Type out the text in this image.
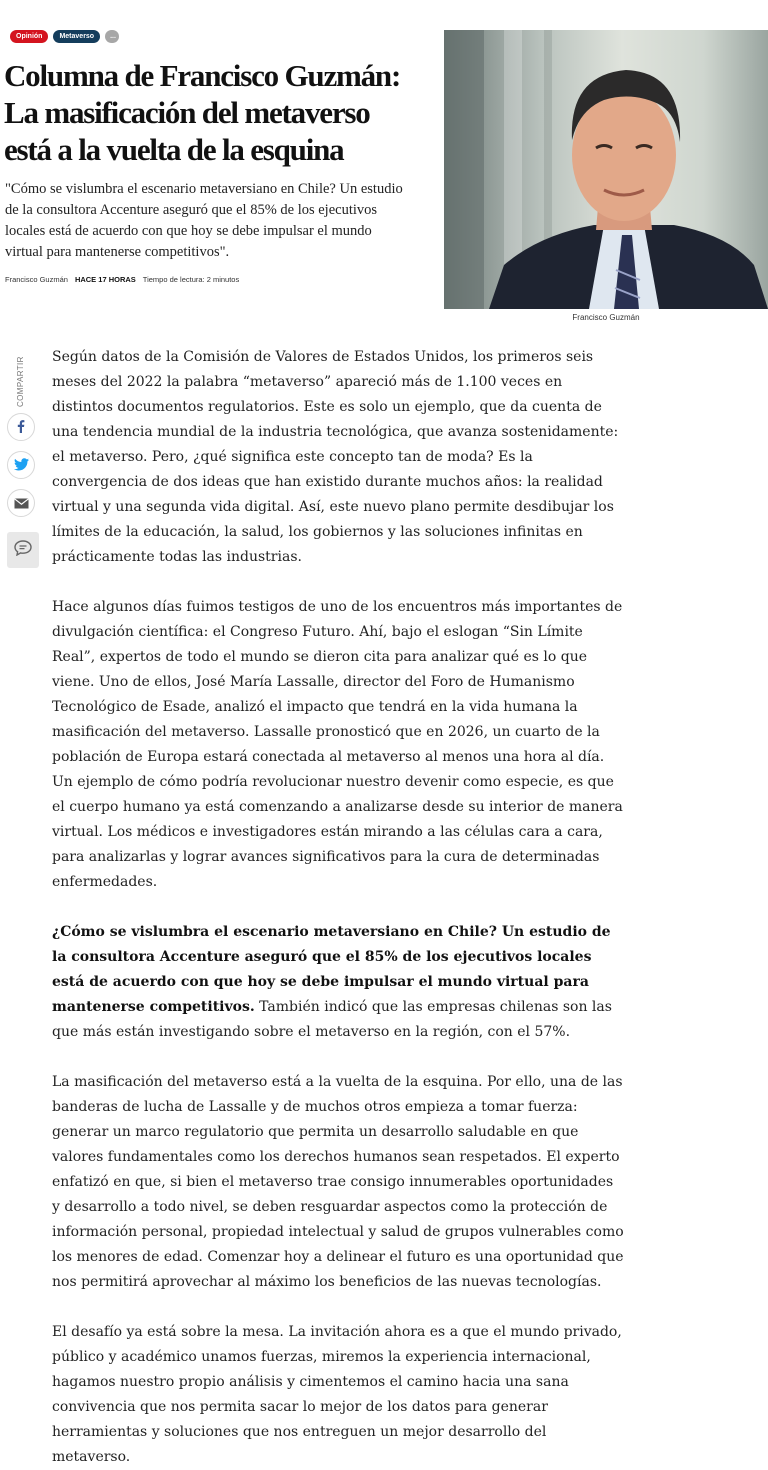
Opinión	Metaverso	...
Columna de Francisco Guzmán: La masificación del metaverso está a la vuelta de la esquina

"Cómo se vislumbra el escenario metaversiano en Chile? Un estudio de la consultora Accenture aseguró que el 85% de los ejecutivos locales está de acuerdo con que hoy se debe impulsar el mundo virtual para mantenerse competitivos".

Francisco Guzmán HACE 17 HORAS Tiempo de lectura: 2 minutos
Francisco Guzmán
COMPARTIR Según datos de la Comisión de Valores de Estados Unidos, los primeros seis meses del 2022 la palabra “metaverso” apareció más de 1.100 veces en distintos documentos regulatorios. Este es solo un ejemplo, que da cuenta de una tendencia mundial de la industria tecnológica, que avanza sostenidamente: el metaverso. Pero, ¿qué significa este concepto tan de moda? Es la convergencia de dos ideas que han existido durante muchos años: la realidad virtual y una segunda vida digital. Así, este nuevo plano permite desdibujar los límites de la educación, la salud, los gobiernos y las soluciones infinitas en prácticamente todas las industrias.

Hace algunos días fuimos testigos de uno de los encuentros más importantes de divulgación científica: el Congreso Futuro. Ahí, bajo el eslogan “Sin Límite Real”, expertos de todo el mundo se dieron cita para analizar qué es lo que viene. Uno de ellos, José María Lassalle, director del Foro de Humanismo Tecnológico de Esade, analizó el impacto que tendrá en la vida humana la masificación del metaverso. Lassalle pronosticó que en 2026, un cuarto de la población de Europa estará conectada al metaverso al menos una hora al día. Un ejemplo de cómo podría revolucionar nuestro devenir como especie, es que el cuerpo humano ya está comenzando a analizarse desde su interior de manera virtual. Los médicos e investigadores están mirando a las células cara a cara, para analizarlas y lograr avances significativos para la cura de determinadas enfermedades.

¿Cómo se vislumbra el escenario metaversiano en Chile? Un estudio de la consultora Accenture aseguró que el 85% de los ejecutivos locales está de acuerdo con que hoy se debe impulsar el mundo virtual para mantenerse competitivos. También indicó que las empresas chilenas son las que más están investigando sobre el metaverso en la región, con el 57%.

La masificación del metaverso está a la vuelta de la esquina. Por ello, una de las banderas de lucha de Lassalle y de muchos otros empieza a tomar fuerza: generar un marco regulatorio que permita un desarrollo saludable en que valores fundamentales como los derechos humanos sean respetados. El experto enfatizó en que, si bien el metaverso trae consigo innumerables oportunidades y desarrollo a todo nivel, se deben resguardar aspectos como la protección de información personal, propiedad intelectual y salud de grupos vulnerables como los menores de edad. Comenzar hoy a delinear el futuro es una oportunidad que nos permitirá aprovechar al máximo los beneficios de las nuevas tecnologías.

El desafío ya está sobre la mesa. La invitación ahora es a que el mundo privado, público y académico unamos fuerzas, miremos la experiencia internacional, hagamos nuestro propio análisis y cimentemos el camino hacia una sana convivencia que nos permita sacar lo mejor de los datos para generar herramientas y soluciones que nos entreguen un mejor desarrollo del metaverso.
